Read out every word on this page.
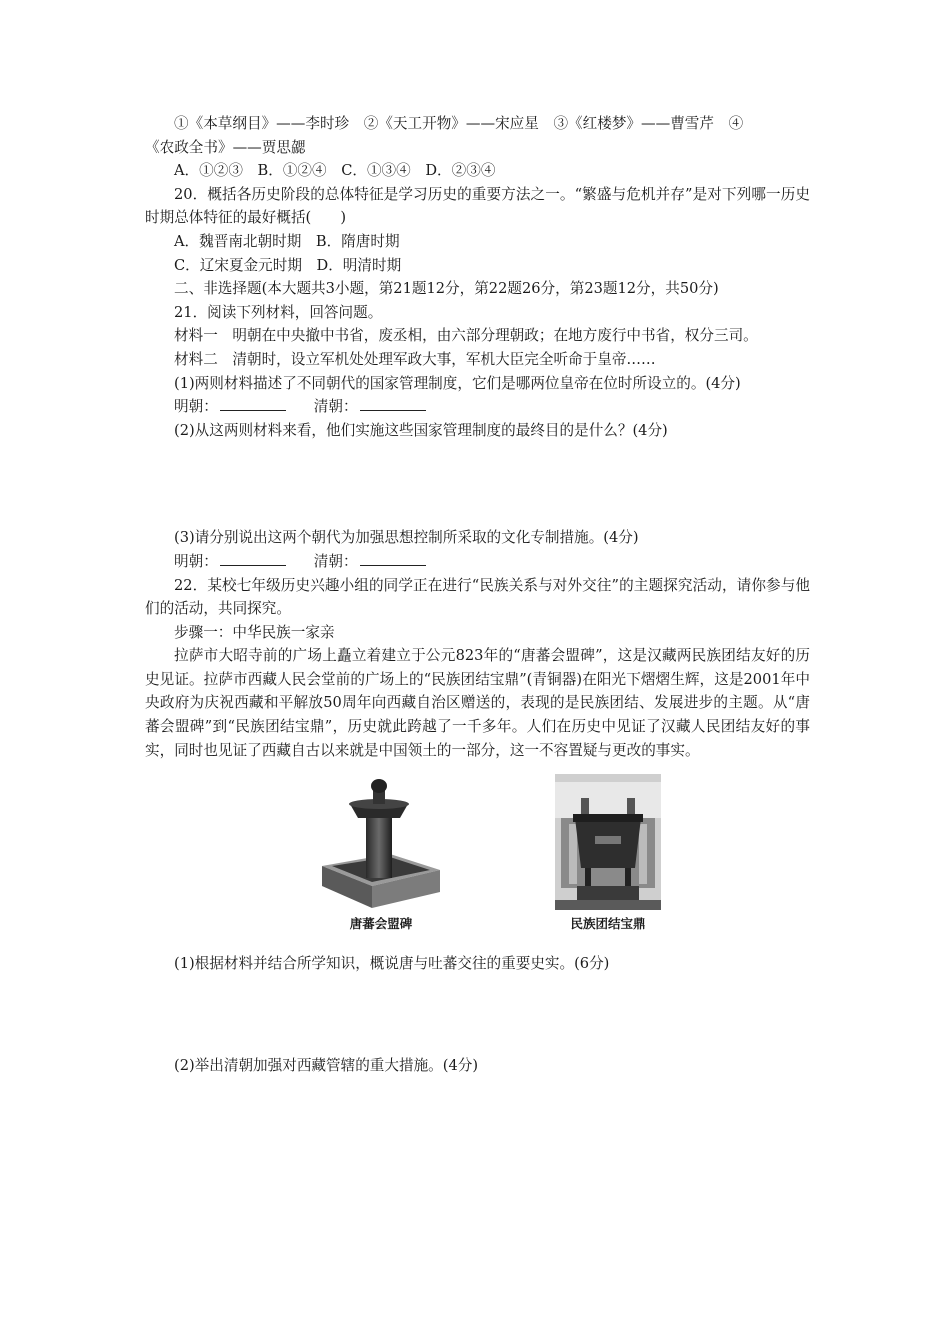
①《本草纲目》——李时珍　②《天工开物》——宋应星　③《红楼梦》——曹雪芹　④

《农政全书》——贾思勰

A．①②③　B．①②④　C．①③④　D．②③④

20．概括各历史阶段的总体特征是学习历史的重要方法之一。“繁盛与危机并存”是对下列哪一历史时期总体特征的最好概括(　　)

A．魏晋南北朝时期　B．隋唐时期

C．辽宋夏金元时期　D．明清时期

二、非选择题(本大题共3小题，第21题12分，第22题26分，第23题12分，共50分)

21．阅读下列材料，回答问题。

材料一　明朝在中央撤中书省，废丞相，由六部分理朝政；在地方废行中书省，权分三司。

材料二　清朝时，设立军机处处理军政大事，军机大臣完全听命于皇帝……

(1)两则材料描述了不同朝代的国家管理制度，它们是哪两位皇帝在位时所设立的。(4分)

明朝：	清朝：

(2)从这两则材料来看，他们实施这些国家管理制度的最终目的是什么？(4分)

(3)请分别说出这两个朝代为加强思想控制所采取的文化专制措施。(4分)

明朝：	清朝：

22．某校七年级历史兴趣小组的同学正在进行“民族关系与对外交往”的主题探究活动，请你参与他们的活动，共同探究。

步骤一：中华民族一家亲

拉萨市大昭寺前的广场上矗立着建立于公元823年的“唐蕃会盟碑”，这是汉藏两民族团结友好的历史见证。拉萨市西藏人民会堂前的广场上的“民族团结宝鼎”(青铜器)在阳光下熠熠生辉，这是2001年中央政府为庆祝西藏和平解放50周年向西藏自治区赠送的，表现的是民族团结、发展进步的主题。从“唐蕃会盟碑”到“民族团结宝鼎”，历史就此跨越了一千多年。人们在历史中见证了汉藏人民团结友好的事实，同时也见证了西藏自古以来就是中国领土的一部分，这一不容置疑与更改的事实。

唐蕃会盟碑	民族团结宝鼎

(1)根据材料并结合所学知识，概说唐与吐蕃交往的重要史实。(6分)

(2)举出清朝加强对西藏管辖的重大措施。(4分)
